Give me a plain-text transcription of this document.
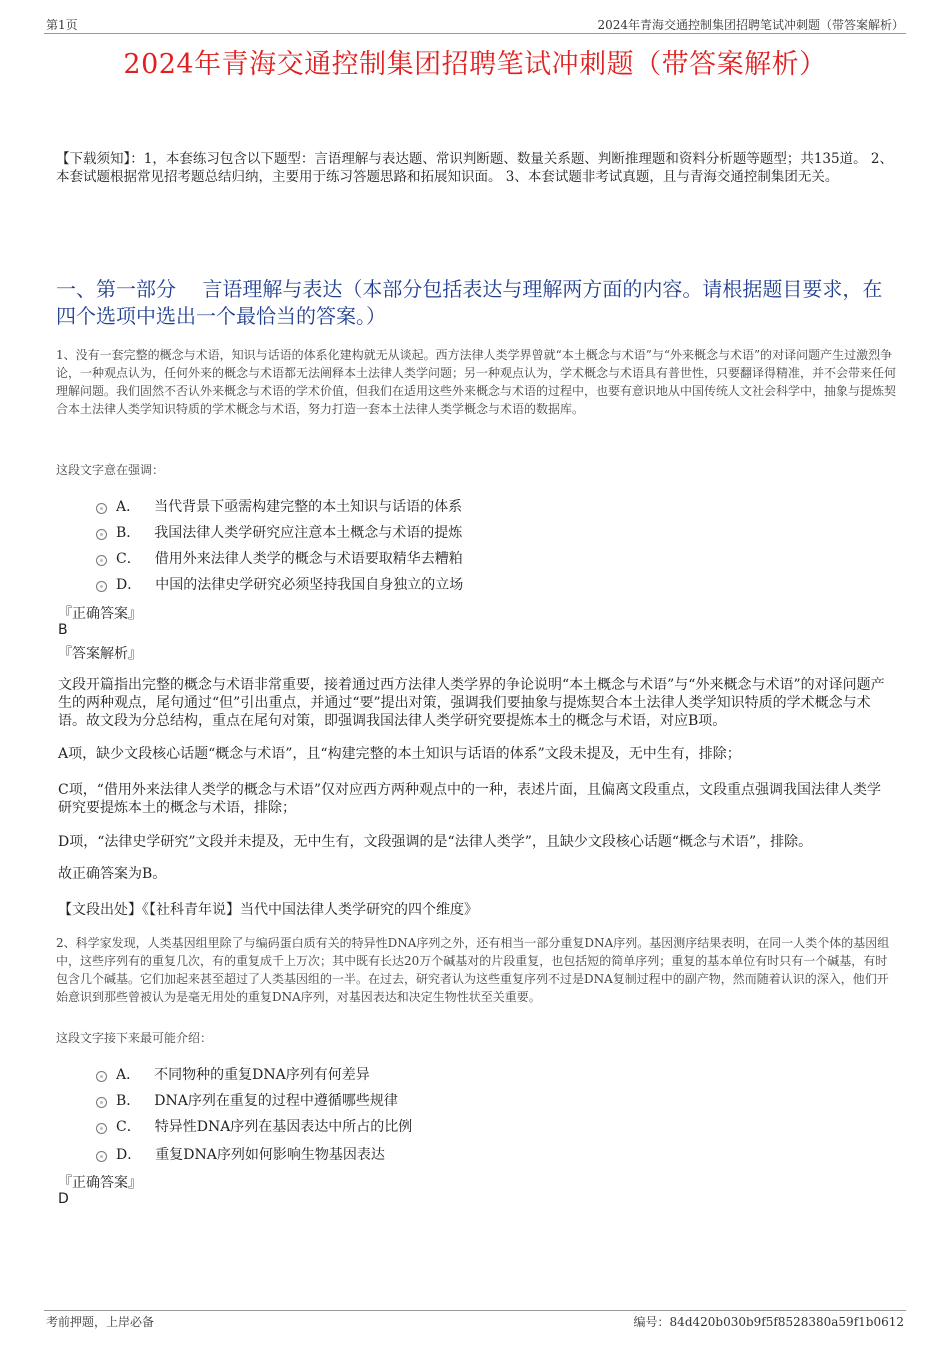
第1页	2024年青海交通控制集团招聘笔试冲刺题（带答案解析）
2024年青海交通控制集团招聘笔试冲刺题（带答案解析）
【下载须知】：1，本套练习包含以下题型：言语理解与表达题、常识判断题、数量关系题、判断推理题和资料分析题等题型；共135道。 2、本套试题根据常见招考题总结归纳，主要用于练习答题思路和拓展知识面。 3、本套试题非考试真题，且与青海交通控制集团无关。
一、第一部分　 言语理解与表达（本部分包括表达与理解两方面的内容。请根据题目要求，在四个选项中选出一个最恰当的答案。）
1、没有一套完整的概念与术语，知识与话语的体系化建构就无从谈起。西方法律人类学界曾就“本土概念与术语”与“外来概念与术语”的对译问题产生过激烈争论，一种观点认为，任何外来的概念与术语都无法阐释本土法律人类学问题；另一种观点认为，学术概念与术语具有普世性，只要翻译得精准，并不会带来任何理解问题。我们固然不否认外来概念与术语的学术价值，但我们在适用这些外来概念与术语的过程中，也要有意识地从中国传统人文社会科学中，抽象与提炼契合本土法律人类学知识特质的学术概念与术语，努力打造一套本土法律人类学概念与术语的数据库。
这段文字意在强调：
A． 当代背景下亟需构建完整的本土知识与话语的体系
B． 我国法律人类学研究应注意本土概念与术语的提炼
C． 借用外来法律人类学的概念与术语要取精华去糟粕
D． 中国的法律史学研究必须坚持我国自身独立的立场
『正确答案』
B
『答案解析』
文段开篇指出完整的概念与术语非常重要，接着通过西方法律人类学界的争论说明“本土概念与术语”与“外来概念与术语”的对译问题产生的两种观点，尾句通过“但”引出重点，并通过“要”提出对策，强调我们要抽象与提炼契合本土法律人类学知识特质的学术概念与术语。故文段为分总结构，重点在尾句对策，即强调我国法律人类学研究要提炼本土的概念与术语，对应B项。
A项，缺少文段核心话题“概念与术语”，且“构建完整的本土知识与话语的体系”文段未提及，无中生有，排除；
C项，“借用外来法律人类学的概念与术语”仅对应西方两种观点中的一种，表述片面，且偏离文段重点，文段重点强调我国法律人类学研究要提炼本土的概念与术语，排除；
D项，“法律史学研究”文段并未提及，无中生有，文段强调的是“法律人类学”，且缺少文段核心话题“概念与术语”，排除。
故正确答案为B。
【文段出处】《【社科青年说】当代中国法律人类学研究的四个维度》
2、科学家发现，人类基因组里除了与编码蛋白质有关的特异性DNA序列之外，还有相当一部分重复DNA序列。基因测序结果表明，在同一人类个体的基因组中，这些序列有的重复几次，有的重复成千上万次；其中既有长达20万个碱基对的片段重复，也包括短的简单序列；重复的基本单位有时只有一个碱基，有时包含几个碱基。它们加起来甚至超过了人类基因组的一半。在过去，研究者认为这些重复序列不过是DNA复制过程中的副产物，然而随着认识的深入，他们开始意识到那些曾被认为是毫无用处的重复DNA序列，对基因表达和决定生物性状至关重要。
这段文字接下来最可能介绍：
A． 不同物种的重复DNA序列有何差异
B． DNA序列在重复的过程中遵循哪些规律
C． 特异性DNA序列在基因表达中所占的比例
D． 重复DNA序列如何影响生物基因表达
『正确答案』
D
考前押题，上岸必备	编号：84d420b030b9f5f8528380a59f1b0612
